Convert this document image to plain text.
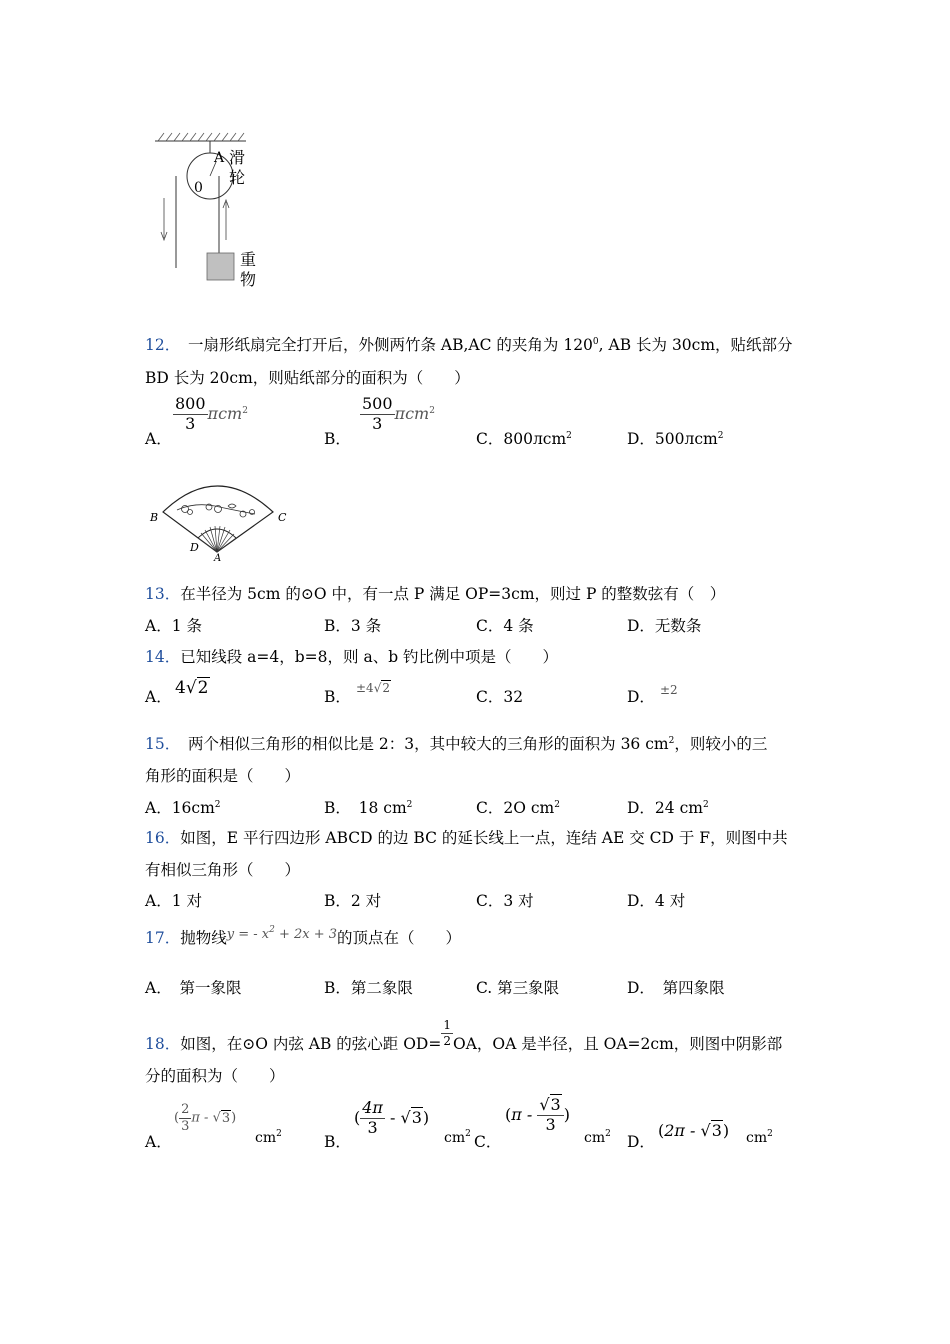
A
0
滑
轮
重
物
12．　一扇形纸扇完全打开后，外侧两竹条 AB,AC 的夹角为 $120^0$, AB 长为 30cm，贴纸部分
BD 长为 20cm，则贴纸部分的面积为（　　）
A．
$\frac{800}{3} \pi cm^2$
B．
$\frac{500}{3} \pi cm^2$
C．800лcm$^2$	D．500лcm$^2$
B	C
D
A
13．在半径为 5cm 的⊙O 中，有一点 P 满足 OP=3cm，则过 P 的整数弦有（　）
A．1 条	B．3 条	C．4 条	D．无数条
14．已知线段 a=4，b=8，则 a、b 钓比例中项是（　　）
A． 4√2	B． ±4√2	C．32	D． ±2
15．　两个相似三角形的相似比是 2：3，其中较大的三角形的面积为 36 $cm^2$，则较小的三
角形的面积是（　　）
A．$16cm^2$	B．　18 $cm^2$	C．2O $cm^2$	D．24 $cm^2$
16．如图，E 平行四边形 ABCD 的边 BC 的延长线上一点，连结 AE 交 CD 于 F，则图中共
有相似三角形（　　）
A．1 对	B．2 对	C．3 对	D．4 对
17．抛物线$^{y = - x^2 + 2x + 3}$的顶点在（　　）
A．　第一象限	B．第二象限	C. 第三象限	D．　第四象限
18．如图，在⊙O 内弦 AB 的弦心距 $OD= \frac{1}{2}$ OA，OA 是半径，且 OA=2cm，则图中阴影部
分的面积为（　　）
A．
( $\frac{2}{3}$ π - √3)
$cm^2$	B．
( $\frac{4\pi}{3} - √3$)
$cm^2$ C．
($\pi - \frac{√3}{3}$ )
$cm^2$ D．
(2π - √3) $cm^2$
